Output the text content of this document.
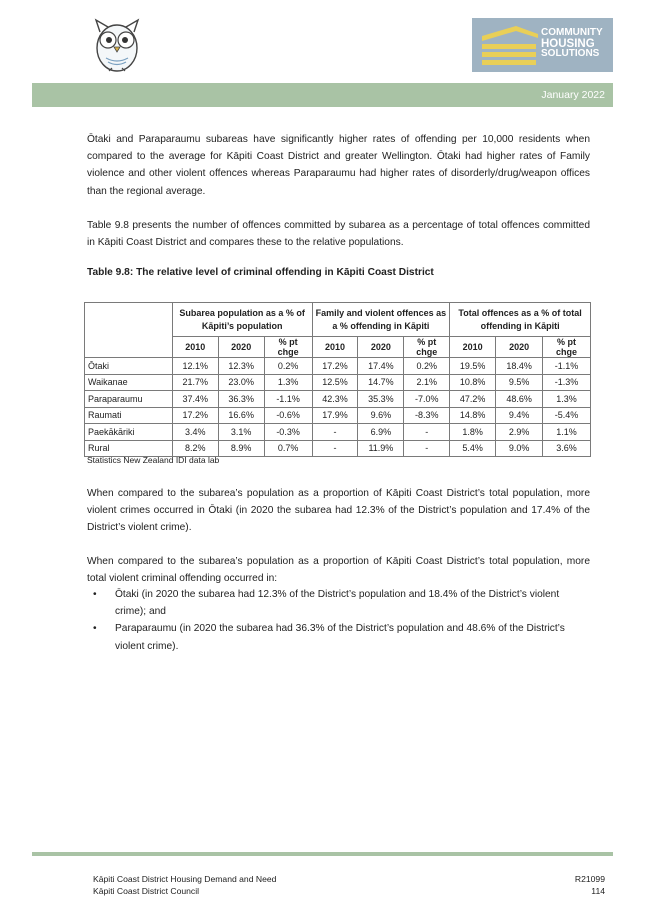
COMMUNITY
HOUSING
SOLUTIONS
January 2022

Ōtaki and Paraparaumu subareas have significantly higher rates of offending per 10,000 residents when compared to the average for Kāpiti Coast District and greater Wellington. Ōtaki had higher rates of Family violence and other violent offences whereas Paraparaumu had higher rates of disorderly/drug/weapon offices than the regional average.

Table 9.8 presents the number of offences committed by subarea as a percentage of total offences committed in Kāpiti Coast District and compares these to the relative populations.

Table 9.8: The relative level of criminal offending in Kāpiti Coast District

	Subarea population as a % of Kāpiti’s population			Family and violent offences as a % offending in Kāpiti			Total offences as a % of total offending in Kāpiti		
	2010	2020	% pt chge	2010	2020	% pt chge	2010	2020	% pt chge
Ōtaki	12.1%	12.3%	0.2%	17.2%	17.4%	0.2%	19.5%	18.4%	-1.1%
Waikanae	21.7%	23.0%	1.3%	12.5%	14.7%	2.1%	10.8%	9.5%	-1.3%
Paraparaumu	37.4%	36.3%	-1.1%	42.3%	35.3%	-7.0%	47.2%	48.6%	1.3%
Raumati	17.2%	16.6%	-0.6%	17.9%	9.6%	-8.3%	14.8%	9.4%	-5.4%
Paekākāriki	3.4%	3.1%	-0.3%	-	6.9%	-	1.8%	2.9%	1.1%
Rural	8.2%	8.9%	0.7%	-	11.9%	-	5.4%	9.0%	3.6%

Statistics New Zealand IDI data lab

When compared to the subarea’s population as a proportion of Kāpiti Coast District’s total population, more violent crimes occurred in Ōtaki (in 2020 the subarea had 12.3% of the District’s population and 17.4% of the District’s violent crime).

When compared to the subarea’s population as a proportion of Kāpiti Coast District’s total population, more total violent criminal offending occurred in:

• Ōtaki (in 2020 the subarea had 12.3% of the District’s population and 18.4% of the District’s violent crime); and
• Paraparaumu (in 2020 the subarea had 36.3% of the District’s population and 48.6% of the District’s violent crime).

Kāpiti Coast District Housing Demand and Need

Kāpiti Coast District Council

R21099

114
